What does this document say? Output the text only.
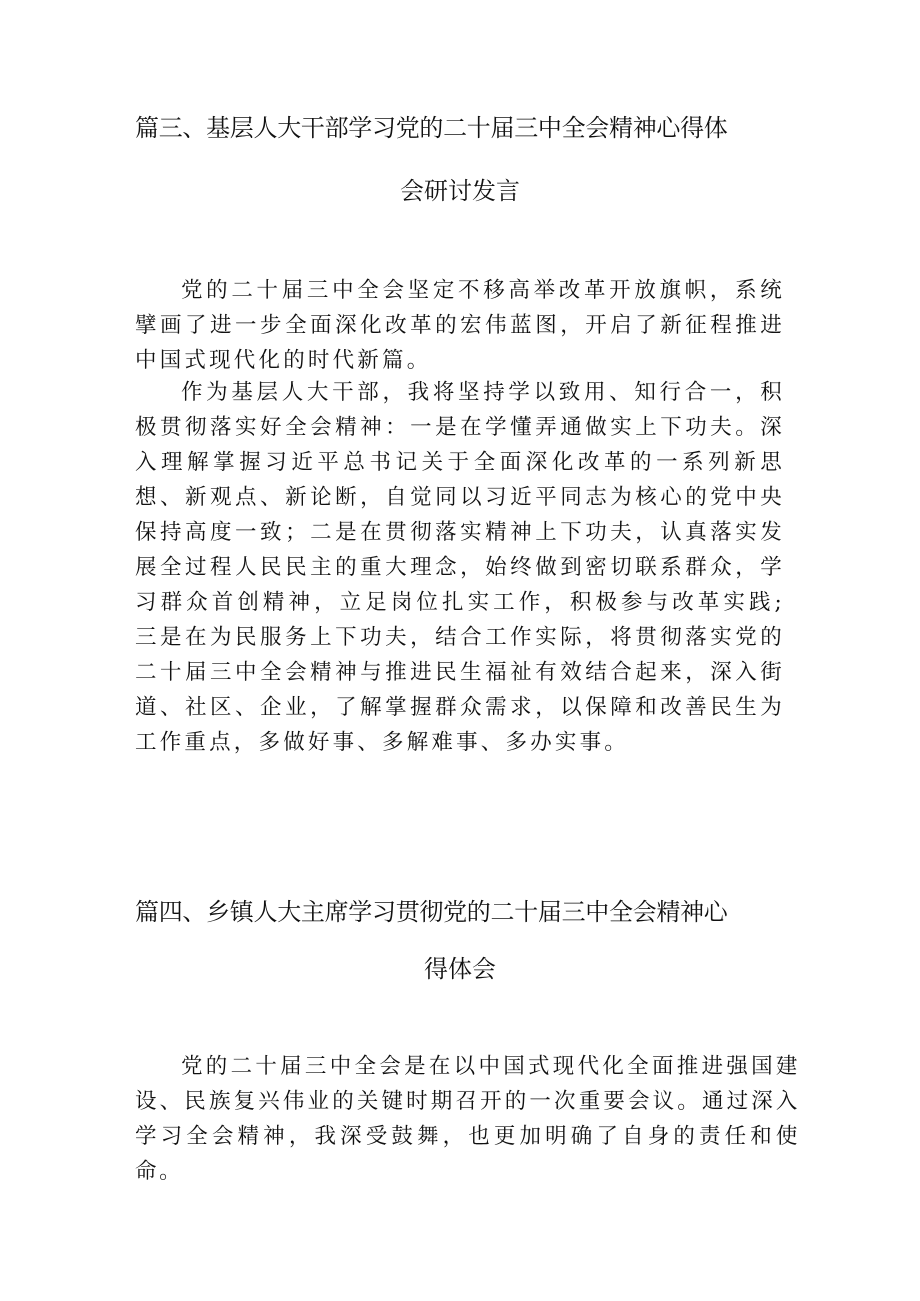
篇三、基层人大干部学习党的二十届三中全会精神心得体
会研讨发言

党的二十届三中全会坚定不移高举改革开放旗帜，系统擘画了进一步全面深化改革的宏伟蓝图，开启了新征程推进中国式现代化的时代新篇。

作为基层人大干部，我将坚持学以致用、知行合一，积极贯彻落实好全会精神：一是在学懂弄通做实上下功夫。深入理解掌握习近平总书记关于全面深化改革的一系列新思想、新观点、新论断，自觉同以习近平同志为核心的党中央保持高度一致；二是在贯彻落实精神上下功夫，认真落实发展全过程人民民主的重大理念，始终做到密切联系群众，学习群众首创精神，立足岗位扎实工作，积极参与改革实践;三是在为民服务上下功夫，结合工作实际，将贯彻落实党的二十届三中全会精神与推进民生福祉有效结合起来，深入街道、社区、企业，了解掌握群众需求，以保障和改善民生为工作重点，多做好事、多解难事、多办实事。

篇四、乡镇人大主席学习贯彻党的二十届三中全会精神心
得体会

党的二十届三中全会是在以中国式现代化全面推进强国建设、民族复兴伟业的关键时期召开的一次重要会议。通过深入学习全会精神，我深受鼓舞，也更加明确了自身的责任和使命。
